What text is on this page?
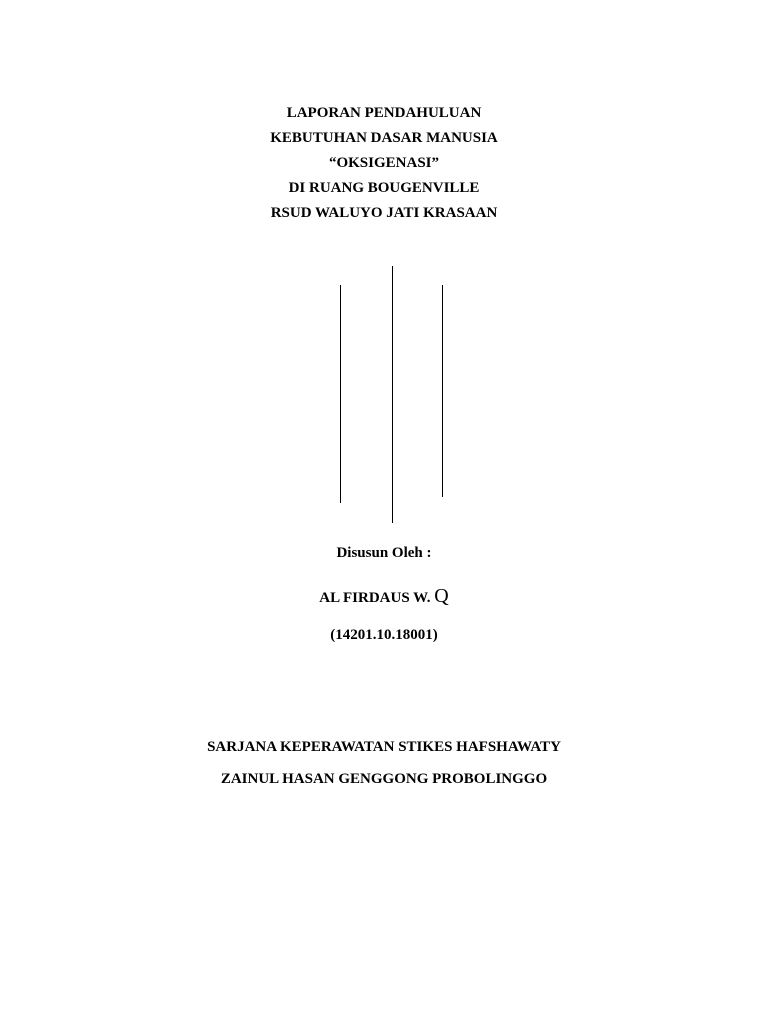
LAPORAN PENDAHULUAN
KEBUTUHAN DASAR MANUSIA
“OKSIGENASI”
DI RUANG BOUGENVILLE
RSUD WALUYO JATI KRASAAN
Disusun Oleh :
AL FIRDAUS W. Q
(14201.10.18001)
SARJANA KEPERAWATAN STIKES HAFSHAWATY
ZAINUL HASAN GENGGONG PROBOLINGGO
